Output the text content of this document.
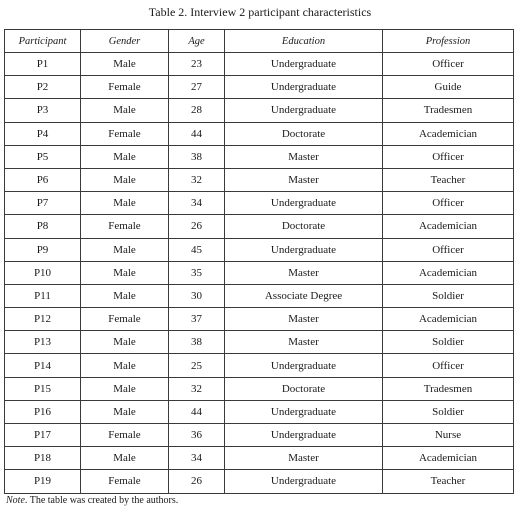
Table 2. Interview 2 participant characteristics
Participant	Gender	Age	Education	Profession
P1	Male	23	Undergraduate	Officer
P2	Female	27	Undergraduate	Guide
P3	Male	28	Undergraduate	Tradesmen
P4	Female	44	Doctorate	Academician
P5	Male	38	Master	Officer
P6	Male	32	Master	Teacher
P7	Male	34	Undergraduate	Officer
P8	Female	26	Doctorate	Academician
P9	Male	45	Undergraduate	Officer
P10	Male	35	Master	Academician
P11	Male	30	Associate Degree	Soldier
P12	Female	37	Master	Academician
P13	Male	38	Master	Soldier
P14	Male	25	Undergraduate	Officer
P15	Male	32	Doctorate	Tradesmen
P16	Male	44	Undergraduate	Soldier
P17	Female	36	Undergraduate	Nurse
P18	Male	34	Master	Academician
P19	Female	26	Undergraduate	Teacher
Note. The table was created by the authors.
